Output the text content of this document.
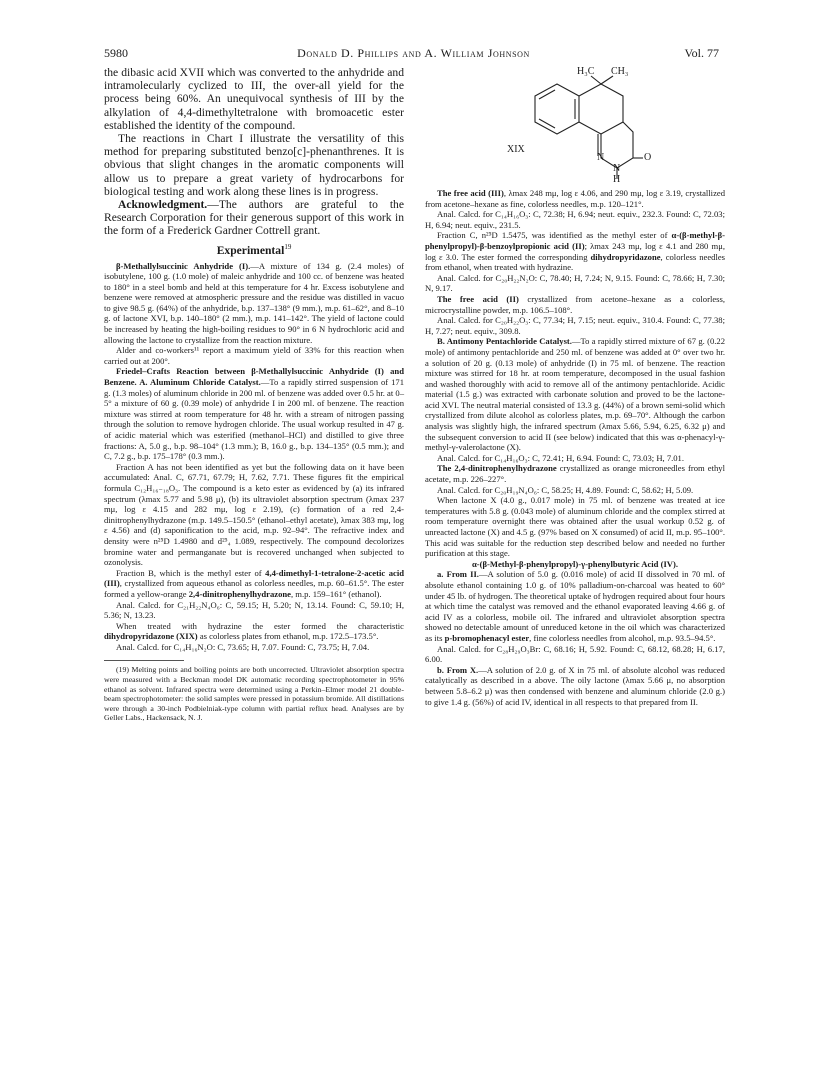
5980	Donald D. Phillips and A. William Johnson	Vol. 77

the dibasic acid XVII which was converted to the anhydride and intramolecularly cyclized to III, the over-all yield for the process being 60%. An unequivocal synthesis of III by the alkylation of 4,4-dimethyltetralone with bromoacetic ester established the identity of the compound.

The reactions in Chart I illustrate the versatility of this method for preparing substituted benzo[c]-phenanthrenes. It is obvious that slight changes in the aromatic components will allow us to prepare a great variety of hydrocarbons for biological testing and work along these lines is in progress.

Acknowledgment.—The authors are grateful to the Research Corporation for their generous support of this work in the form of a Frederick Gardner Cottrell grant.

Experimental$^{19}$

β-Methallylsuccinic Anhydride (I).—A mixture of 134 g. (2.4 moles) of isobutylene, 100 g. (1.0 mole) of maleic anhydride and 100 cc. of benzene was heated to 180° in a steel bomb and held at this temperature for 4 hr. Excess isobutylene and benzene were removed at atmospheric pressure and the residue was distilled in vacuo to give 98.5 g. (64%) of the anhydride, b.p. 137–138° (9 mm.), m.p. 61–62°, and 8–10 g. of lactone XVI, b.p. 140–180° (2 mm.), m.p. 141–142°. The yield of lactone could be increased by heating the high-boiling residues to 90° in 6 N hydrochloric acid and allowing the lactone to crystallize from the reaction mixture.

Alder and co-workers¹¹ report a maximum yield of 33% for this reaction when carried out at 200°.

Friedel–Crafts Reaction between β-Methallylsuccinic Anhydride (I) and Benzene. A. Aluminum Chloride Catalyst.—To a rapidly stirred suspension of 171 g. (1.3 moles) of aluminum chloride in 200 ml. of benzene was added over 0.5 hr. at 0–5° a mixture of 60 g. (0.39 mole) of anhydride I in 200 ml. of benzene. The reaction mixture was stirred at room temperature for 48 hr. with a stream of nitrogen passing through the solution to remove hydrogen chloride. The usual workup resulted in 47 g. of acidic material which was esterified (methanol–HCl) and distilled to give three fractions: A, 5.0 g., b.p. 98–104° (1.3 mm.); B, 16.0 g., b.p. 134–135° (0.5 mm.); and C, 7.2 g., b.p. 175–178° (0.3 mm.).

Fraction A has not been identified as yet but the following data on it have been accumulated: Anal. C, 67.71, 67.79; H, 7.62, 7.71. These figures fit the empirical formula C₁₂H₁₆₋₁₈O₃. The compound is a keto ester as evidenced by (a) its infrared spectrum (λmax 5.77 and 5.98 μ), (b) its ultraviolet absorption spectrum (λmax 237 mμ, log ε 4.15 and 282 mμ, log ε 2.19), (c) formation of a red 2,4-dinitrophenylhydrazone (m.p. 149.5–150.5° (ethanol–ethyl acetate), λmax 383 mμ, log ε 4.56) and (d) saponification to the acid, m.p. 92–94°. The refractive index and density were n²⁵D 1.4980 and d²⁵₄ 1.089, respectively. The compound decolorizes bromine water and permanganate but is recovered unchanged when subjected to ozonolysis.

Fraction B, which is the methyl ester of 4,4-dimethyl-1-tetralone-2-acetic acid (III), crystallized from aqueous ethanol as colorless needles, m.p. 60–61.5°. The ester formed a yellow-orange 2,4-dinitrophenylhydrazone, m.p. 159–161° (ethanol).

Anal. Calcd. for C₂₁H₂₂N₄O₆: C, 59.15; H, 5.20; N, 13.14. Found: C, 59.10; H, 5.36; N, 13.23.

When treated with hydrazine the ester formed the characteristic dihydropyridazone (XIX) as colorless plates from ethanol, m.p. 172.5–173.5°.

Anal. Calcd. for C₁₄H₁₆N₂O: C, 73.65; H, 7.07. Found: C, 73.75; H, 7.04.

(19) Melting points and boiling points are both uncorrected. Ultraviolet absorption spectra were measured with a Beckman model DK automatic recording spectrophotometer in 95% ethanol as solvent. Infrared spectra were determined using a Perkin–Elmer model 21 double-beam spectrophotometer: the solid samples were pressed in potassium bromide. All distillations were through a 30-inch Podbielniak-type column with partial reflux head. Analyses are by Geller Labs., Hackensack, N. J.

H₃C CH₃
XIX
N
N
O
H

The free acid (III), λmax 248 mμ, log ε 4.06, and 290 mμ, log ε 3.19, crystallized from acetone–hexane as fine, colorless needles, m.p. 120–121°.

Anal. Calcd. for C₁₄H₁₆O₃: C, 72.38; H, 6.94; neut. equiv., 232.3. Found: C, 72.03; H, 6.94; neut. equiv., 231.5.

Fraction C, n²⁵D 1.5475, was identified as the methyl ester of α-(β-methyl-β-phenylpropyl)-β-benzoylpropionic acid (II); λmax 243 mμ, log ε 4.1 and 280 mμ, log ε 3.0. The ester formed the corresponding dihydropyridazone, colorless needles from ethanol, when treated with hydrazine.

Anal. Calcd. for C₂₀H₂₂N₂O: C, 78.40; H, 7.24; N, 9.15. Found: C, 78.66; H, 7.30; N, 9.17.

The free acid (II) crystallized from acetone–hexane as a colorless, microcrystalline powder, m.p. 106.5–108°.

Anal. Calcd. for C₂₀H₂₂O₃: C, 77.34; H, 7.15; neut. equiv., 310.4. Found: C, 77.38; H, 7.27; neut. equiv., 309.8.

B. Antimony Pentachloride Catalyst.—To a rapidly stirred mixture of 67 g. (0.22 mole) of antimony pentachloride and 250 ml. of benzene was added at 0° over two hr. a solution of 20 g. (0.13 mole) of anhydride (I) in 75 ml. of benzene. The reaction mixture was stirred for 18 hr. at room temperature, decomposed in the usual fashion and washed thoroughly with acid to remove all of the antimony pentachloride. Acidic material (1.5 g.) was extracted with carbonate solution and proved to be the lactone-acid XVI. The neutral material consisted of 13.3 g. (44%) of a brown semi-solid which crystallized from dilute alcohol as colorless plates, m.p. 69–70°. Although the carbon analysis was slightly high, the infrared spectrum (λmax 5.66, 5.94, 6.25, 6.32 μ) and the subsequent conversion to acid II (see below) indicated that this was α-phenacyl-γ-methyl-γ-valerolactone (X).

Anal. Calcd. for C₁₄H₁₆O₃: C, 72.41; H, 6.94. Found: C, 73.03; H, 7.01.

The 2,4-dinitrophenylhydrazone crystallized as orange microneedles from ethyl acetate, m.p. 226–227°.

Anal. Calcd. for C₂₀H₁₉N₄O₆: C, 58.25; H, 4.89. Found: C, 58.62; H, 5.09.

When lactone X (4.0 g., 0.017 mole) in 75 ml. of benzene was treated at ice temperatures with 5.8 g. (0.043 mole) of aluminum chloride and the complex stirred at room temperature overnight there was obtained after the usual workup 0.52 g. of unreacted lactone (X) and 4.5 g. (97% based on X consumed) of acid II, m.p. 95–100°. This acid was suitable for the reduction step described below and needed no further purification at this stage.

α-(β-Methyl-β-phenylpropyl)-γ-phenylbutyric Acid (IV).

a. From II.—A solution of 5.0 g. (0.016 mole) of acid II dissolved in 70 ml. of absolute ethanol containing 1.0 g. of 10% palladium-on-charcoal was heated to 60° under 45 lb. of hydrogen. The theoretical uptake of hydrogen required about four hours at which time the catalyst was removed and the ethanol evaporated leaving 4.66 g. of acid IV as a colorless, mobile oil. The infrared and ultraviolet absorption spectra showed no detectable amount of unreduced ketone in the oil which was characterized as its p-bromophenacyl ester, fine colorless needles from alcohol, m.p. 93.5–94.5°.

Anal. Calcd. for C₂₈H₂₉O₃Br: C, 68.16; H, 5.92. Found: C, 68.12, 68.28; H, 6.17, 6.00.

b. From X.—A solution of 2.0 g. of X in 75 ml. of absolute alcohol was reduced catalytically as described in a above. The oily lactone (λmax 5.66 μ, no absorption between 5.8–6.2 μ) was then condensed with benzene and aluminum chloride (2.0 g.) to give 1.4 g. (56%) of acid IV, identical in all respects to that prepared from II.
